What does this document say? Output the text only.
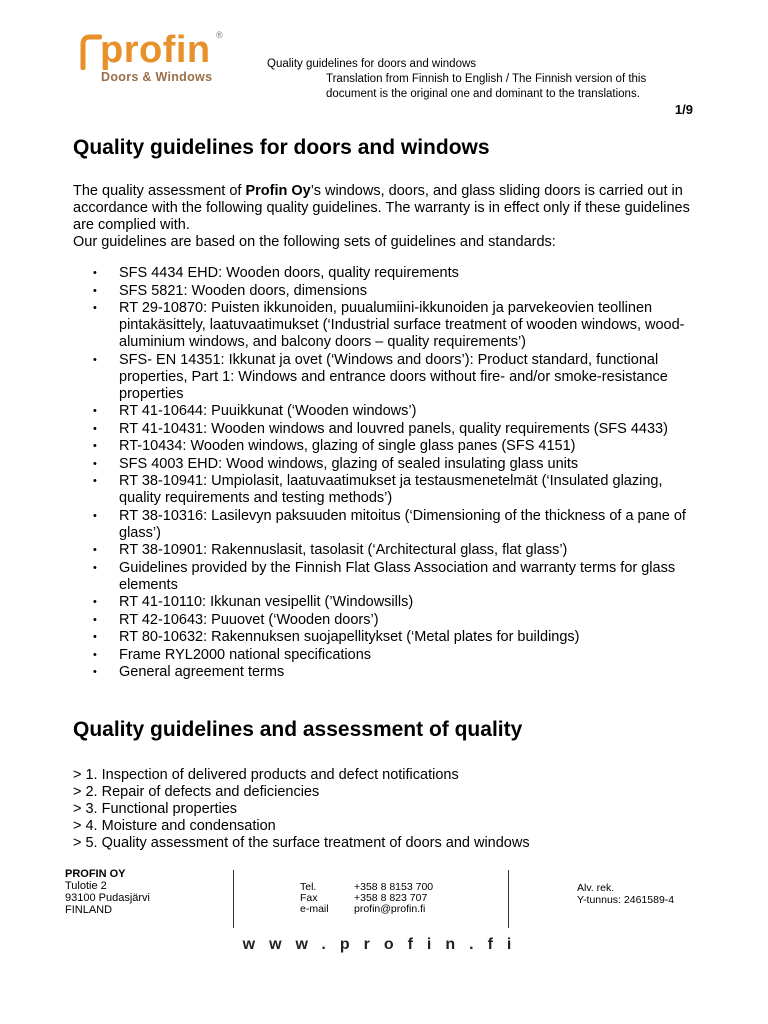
profin ®
Doors & Windows
Quality guidelines for doors and windows
Translation from Finnish to English / The Finnish version of this document is the original one and dominant to the translations.
1/9
Quality guidelines for doors and windows

The quality assessment of Profin Oy’s windows, doors, and glass sliding doors is carried out in accordance with the following quality guidelines. The warranty is in effect only if these guidelines are complied with.

Our guidelines are based on the following sets of guidelines and standards:

• SFS 4434 EHD: Wooden doors, quality requirements
• SFS 5821: Wooden doors, dimensions
• RT 29-10870: Puisten ikkunoiden, puualumiini-ikkunoiden ja parvekeovien teollinen pintakäsittely, laatuvaatimukset (‘Industrial surface treatment of wooden windows, wood-aluminium windows, and balcony doors – quality requirements’)
• SFS- EN 14351: Ikkunat ja ovet (‘Windows and doors’): Product standard, functional properties, Part 1: Windows and entrance doors without fire- and/or smoke-resistance properties
• RT 41-10644: Puuikkunat (‘Wooden windows’)
• RT 41-10431: Wooden windows and louvred panels, quality requirements (SFS 4433)
• RT-10434: Wooden windows, glazing of single glass panes (SFS 4151)
• SFS 4003 EHD: Wood windows, glazing of sealed insulating glass units
• RT 38-10941: Umpiolasit, laatuvaatimukset ja testausmenetelmät (‘Insulated glazing, quality requirements and testing methods’)
• RT 38-10316: Lasilevyn paksuuden mitoitus (‘Dimensioning of the thickness of a pane of glass’)
• RT 38-10901: Rakennuslasit, tasolasit (‘Architectural glass, flat glass’)
• Guidelines provided by the Finnish Flat Glass Association and warranty terms for glass elements
• RT 41-10110: Ikkunan vesipellit (’Windowsills)
• RT 42-10643: Puuovet (‘Wooden doors’)
• RT 80-10632: Rakennuksen suojapellitykset (‘Metal plates for buildings)
• Frame RYL2000 national specifications
• General agreement terms
Quality guidelines and assessment of quality
> 1. Inspection of delivered products and defect notifications
> 2. Repair of defects and deficiencies
> 3. Functional properties
> 4. Moisture and condensation
> 5. Quality assessment of the surface treatment of doors and windows
PROFIN OY
Tulotie 2
93100 Pudasjärvi
FINLAND
Tel.	+358 8 8153 700
Fax	+358 8 823 707
e-mail	profin@profin.fi
Alv. rek.
Y-tunnus: 2461589-4
www.profin.fi
